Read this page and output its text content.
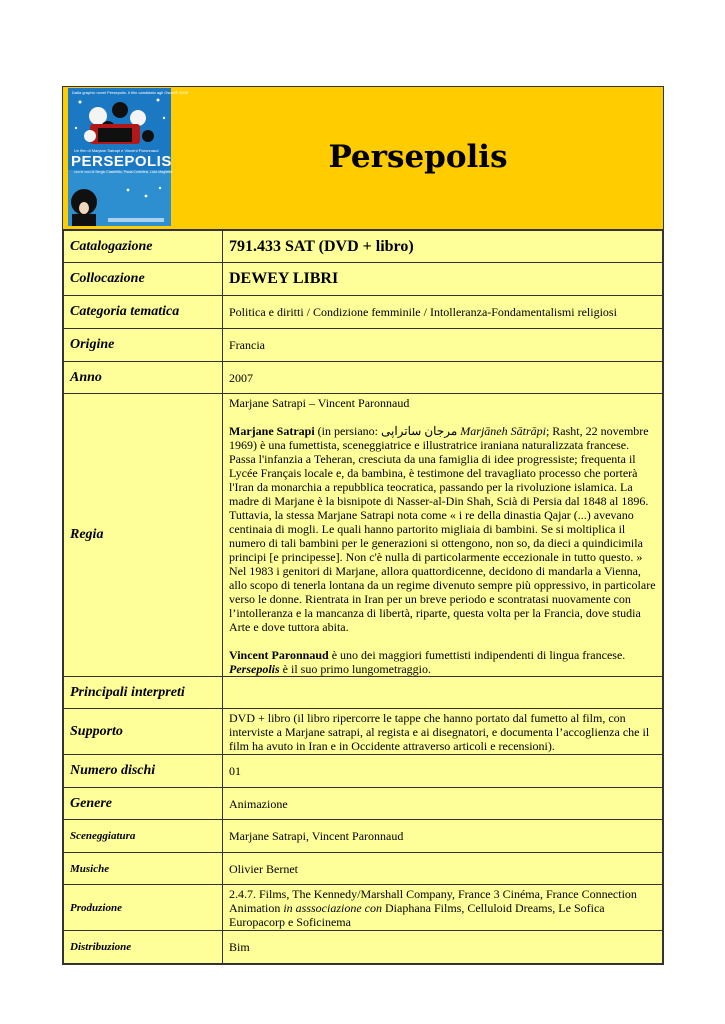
Dalla graphic novel Persepolis. Il film candidato agli Oscar® 2008
Un film di Marjane Satrapi e Vincent Paronnaud
PERSEPOLIS
con le voci di Sergio Castellitto, Paola Cortellesi, Licia Maglietta	Persepolis
Catalogazione	791.433 SAT (DVD + libro)
Collocazione	DEWEY LIBRI
Categoria tematica	Politica e diritti / Condizione femminile / Intolleranza-Fondamentalismi religiosi
Origine	Francia
Anno	2007
Regia	Marjane Satrapi – Vincent Paronnaud

Marjane Satrapi (in persiano: مرجان ساتراپی Marjāneh Sātrāpi; Rasht, 22 novembre 1969) è una fumettista, sceneggiatrice e illustratrice iraniana naturalizzata francese. Passa l'infanzia a Teheran, cresciuta da una famiglia di idee progressiste; frequenta il Lycée Français locale e, da bambina, è testimone del travagliato processo che porterà l'Iran da monarchia a repubblica teocratica, passando per la rivoluzione islamica. La madre di Marjane è la bisnipote di Nasser-al-Din Shah, Scià di Persia dal 1848 al 1896. Tuttavia, la stessa Marjane Satrapi nota come « i re della dinastia Qajar (...) avevano centinaia di mogli. Le quali hanno partorito migliaia di bambini. Se si moltiplica il numero di tali bambini per le generazioni si ottengono, non so, da dieci a quindicimila principi [e principesse]. Non c'è nulla di particolarmente eccezionale in tutto questo. » Nel 1983 i genitori di Marjane, allora quattordicenne, decidono di mandarla a Vienna, allo scopo di tenerla lontana da un regime divenuto sempre più oppressivo, in particolare verso le donne. Rientrata in Iran per un breve periodo e scontratasi nuovamente con l’intolleranza e la mancanza di libertà, riparte, questa volta per la Francia, dove studia Arte e dove tuttora abita.

Vincent Paronnaud è uno dei maggiori fumettisti indipendenti di lingua francese.

Persepolis è il suo primo lungometraggio.

Principali interpreti	
Supporto	DVD + libro (il libro ripercorre le tappe che hanno portato dal fumetto al film, con interviste a Marjane satrapi, al regista e ai disegnatori, e documenta l’accoglienza che il film ha avuto in Iran e in Occidente attraverso articoli e recensioni).
Numero dischi	01
Genere	Animazione
Sceneggiatura	Marjane Satrapi, Vincent Paronnaud
Musiche	Olivier Bernet
Produzione	2.4.7. Films, The Kennedy/Marshall Company, France 3 Cinéma, France Connection Animation in asssociazione con Diaphana Films, Celluloid Dreams, Le Sofica Europacorp e Soficinema
Distribuzione	Bim
